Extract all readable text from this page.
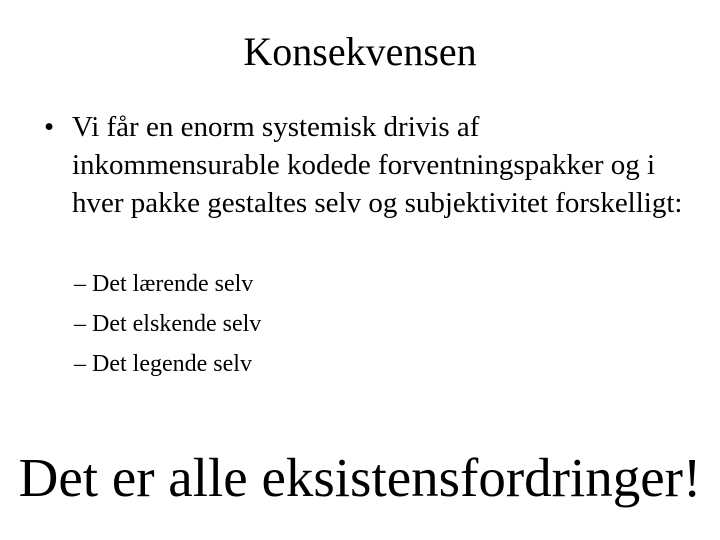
Konsekvensen
• Vi får en enorm systemisk drivis af inkommensurable kodede forventningspakker og i hver pakke gestaltes selv og subjektivitet forskelligt:
– Det lærende selv
– Det elskende selv
– Det legende selv
Det er alle eksistensfordringer!
